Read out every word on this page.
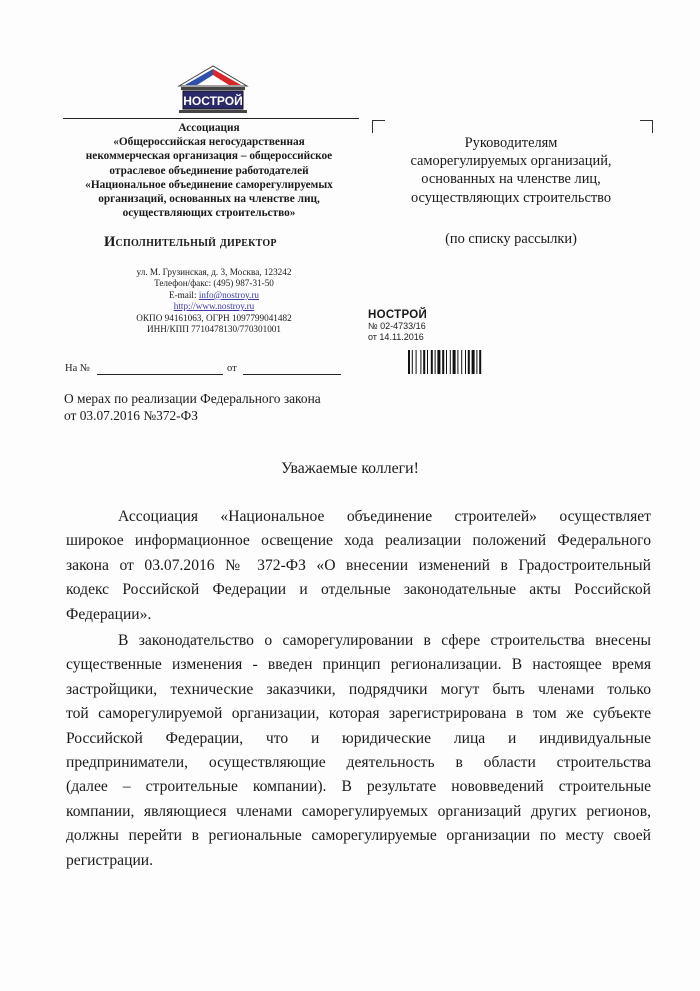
НОСТРОЙ
Ассоциация
«Общероссийская негосударственная
некоммерческая организация – общероссийское
отраслевое объединение работодателей
«Национальное объединение саморегулируемых
организаций, основанных на членстве лиц,
осуществляющих строительство»
Исполнительный директор
ул. М. Грузинская, д. 3, Москва, 123242
Телефон/факс: (495) 987-31-50
E-mail: info@nostroy.ru
http://www.nostroy.ru
ОКПО 94161063, ОГРН 1097799041482
ИНН/КПП 7710478130/770301001
На №	от
О мерах по реализации Федерального закона
от 03.07.2016 №372-ФЗ
Руководителям
саморегулируемых организаций,
основанных на членстве лиц,
осуществляющих строительство
(по списку рассылки)
НОСТРОЙ
№ 02-4733/16
от 14.11.2016
Уважаемые коллеги!
Ассоциация «Национальное объединение строителей» осуществляет
широкое информационное освещение хода реализации положений Федерального
закона от 03.07.2016 № 372-ФЗ «О внесении изменений в Градостроительный
кодекс Российской Федерации и отдельные законодательные акты Российской
Федерации».
В законодательство о саморегулировании в сфере строительства внесены
существенные изменения - введен принцип регионализации. В настоящее время
застройщики, технические заказчики, подрядчики могут быть членами только
той саморегулируемой организации, которая зарегистрирована в том же субъекте
Российской Федерации, что и юридические лица и индивидуальные
предприниматели, осуществляющие деятельность в области строительства
(далее – строительные компании). В результате нововведений строительные
компании, являющиеся членами саморегулируемых организаций других регионов,
должны перейти в региональные саморегулируемые организации по месту своей
регистрации.
